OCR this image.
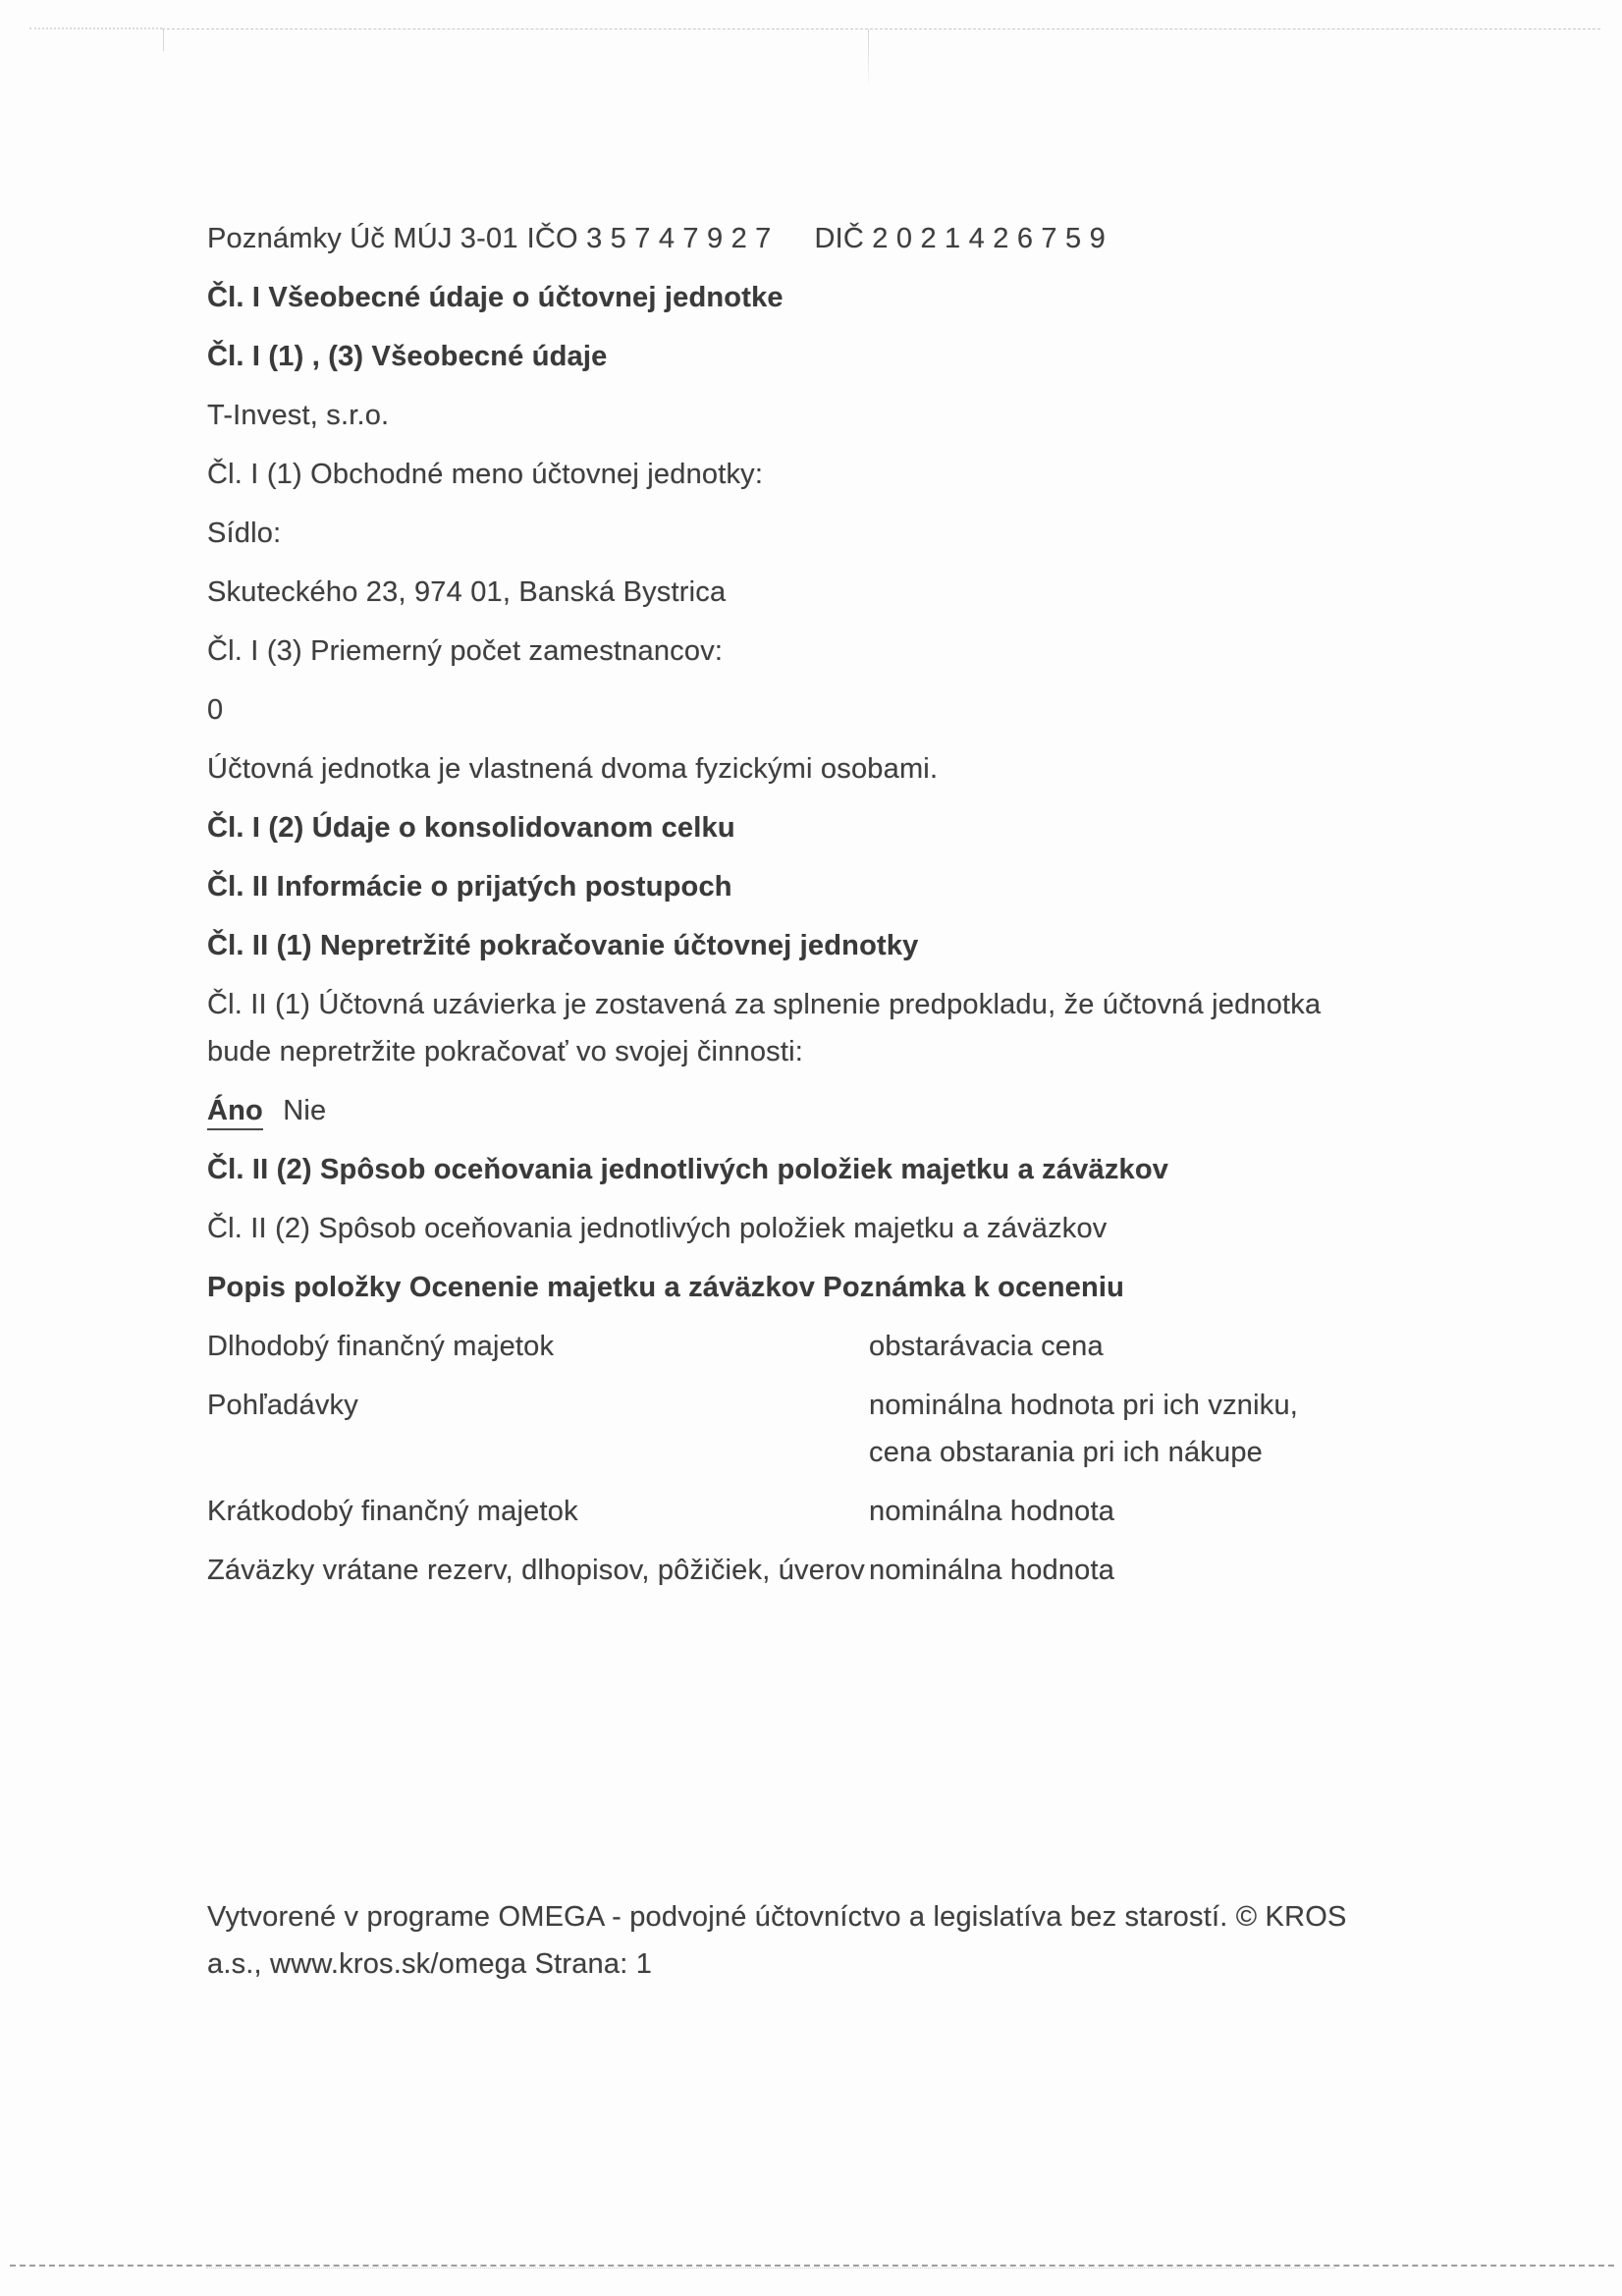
Poznámky Úč MÚJ 3-01 IČO 3 5 7 4 7 9 2 7 DIČ 2 0 2 1 4 2 6 7 5 9
Čl. I Všeobecné údaje o účtovnej jednotke
Čl. I (1) , (3) Všeobecné údaje
T-Invest, s.r.o.
Čl. I (1) Obchodné meno účtovnej jednotky:
Sídlo:
Skuteckého 23, 974 01, Banská Bystrica
Čl. I (3) Priemerný počet zamestnancov:
0
Účtovná jednotka je vlastnená dvoma fyzickými osobami.
Čl. I (2) Údaje o konsolidovanom celku
Čl. II Informácie o prijatých postupoch
Čl. II (1) Nepretržité pokračovanie účtovnej jednotky
Čl. II (1) Účtovná uzávierka je zostavená za splnenie predpokladu, že účtovná jednotka bude nepretržite pokračovať vo svojej činnosti:
Áno Nie
Čl. II (2) Spôsob oceňovania jednotlivých položiek majetku a záväzkov
Čl. II (2) Spôsob oceňovania jednotlivých položiek majetku a záväzkov
Popis položky Ocenenie majetku a záväzkov Poznámka k oceneniu
Dlhodobý finančný majetok	obstarávacia cena
Pohľadávky	nominálna hodnota pri ich vzniku, cena obstarania pri ich nákupe
Krátkodobý finančný majetok	nominálna hodnota
Záväzky vrátane rezerv, dlhopisov, pôžičiek, úverov nominálna hodnota
Vytvorené v programe OMEGA - podvojné účtovníctvo a legislatíva bez starostí. © KROS a.s., www.kros.sk/omega Strana: 1
